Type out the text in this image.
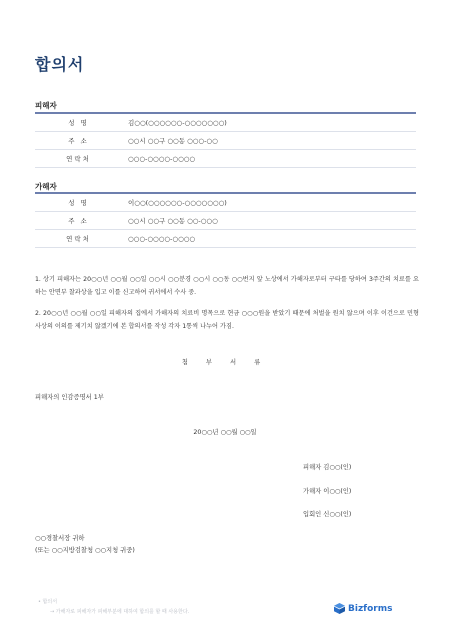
합의서
피해자
성 명	김○○(○○○○○○-○○○○○○○)
주 소	○○시 ○○구 ○○동 ○○○-○○
연락처	○○○-○○○○-○○○○
가해자
성 명	이○○(○○○○○○-○○○○○○○)
주 소	○○시 ○○구 ○○동 ○○-○○○
연락처	○○○-○○○○-○○○○
1. 상기 피해자는 20○○년 ○○월 ○○일 ○○시 ○○분경 ○○시 ○○동 ○○번지 앞 노상에서 가해자로부터 구타를 당하여 3주간의 치료를 요하는 안면부 찰과상을 입고 이를 신고하여 귀서에서 수사 중.
2. 20○○년 ○○월 ○○일 피해자의 집에서 가해자의 치료비 명목으로 현금 ○○○원을 받았기 때문에 처벌을 원치 않으며 이후 이건으로 민형사상의 이의를 제기치 않겠기에 본 합의서를 작성 각자 1통씩 나누어 가짐.
첨 부 서 류
피해자의 인감증명서 1부
20○○년 ○○월 ○○일
피해자 김○○(인)
가해자 이○○(인)
입회인 신○○(인)
○○경찰서장 귀하
(또는 ○○지방검찰청 ○○지청 귀중)
• 합의서
→ 가해자로 피해자가 피해부분에 대하여 합의를 할 때 사용한다.	Bizforms
